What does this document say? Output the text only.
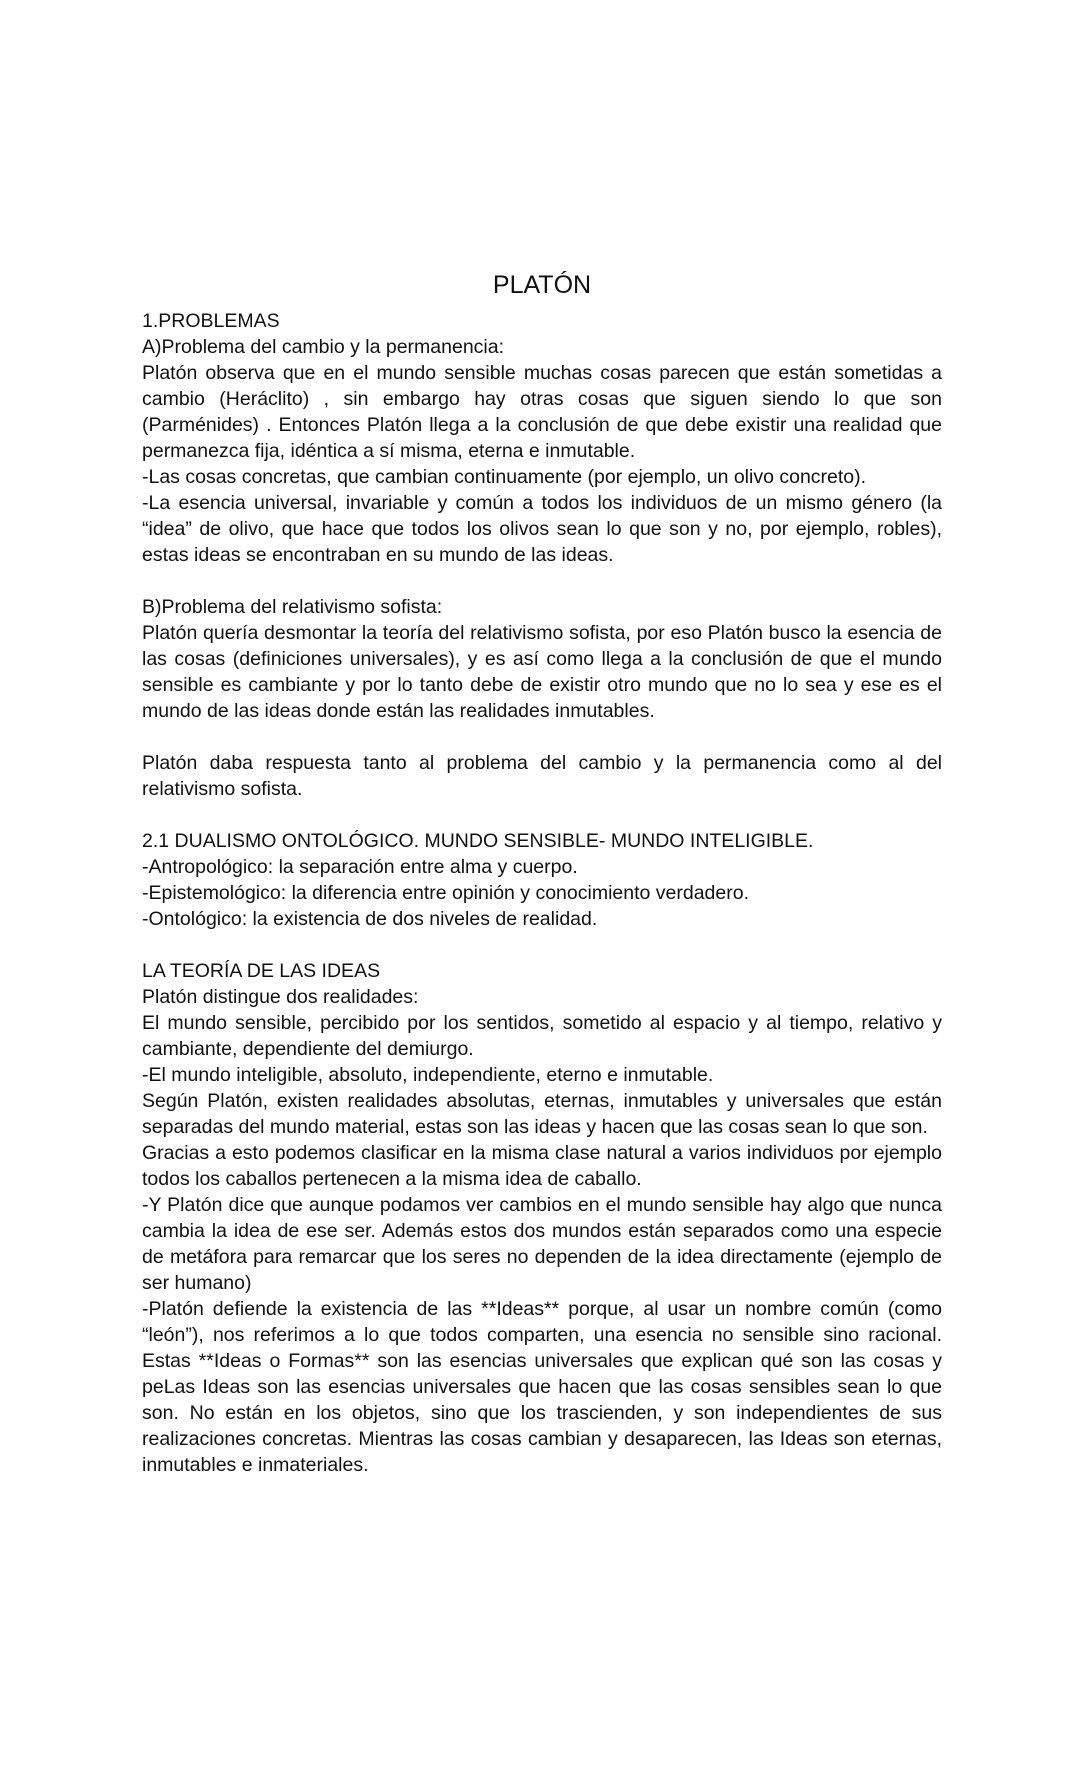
PLATÓN

1.PROBLEMAS

A)Problema del cambio y la permanencia:

Platón observa que en el mundo sensible muchas cosas parecen que están sometidas a cambio (Heráclito) , sin embargo hay otras cosas que siguen siendo lo que son (Parménides) . Entonces Platón llega a la conclusión de que debe existir una realidad que permanezca fija, idéntica a sí misma, eterna e inmutable.

-Las cosas concretas, que cambian continuamente (por ejemplo, un olivo concreto).

-La esencia universal, invariable y común a todos los individuos de un mismo género (la “idea” de olivo, que hace que todos los olivos sean lo que son y no, por ejemplo, robles), estas ideas se encontraban en su mundo de las ideas.

B)Problema del relativismo sofista:

Platón quería desmontar la teoría del relativismo sofista, por eso Platón busco la esencia de las cosas (definiciones universales), y es así como llega a la conclusión de que el mundo sensible es cambiante y por lo tanto debe de existir otro mundo que no lo sea y ese es el mundo de las ideas donde están las realidades inmutables.

Platón daba respuesta tanto al problema del cambio y la permanencia como al del relativismo sofista.

2.1 DUALISMO ONTOLÓGICO. MUNDO SENSIBLE- MUNDO INTELIGIBLE.

-Antropológico: la separación entre alma y cuerpo.

-Epistemológico: la diferencia entre opinión y conocimiento verdadero.

-Ontológico: la existencia de dos niveles de realidad.

LA TEORÍA DE LAS IDEAS

Platón distingue dos realidades:

El mundo sensible, percibido por los sentidos, sometido al espacio y al tiempo, relativo y cambiante, dependiente del demiurgo.

-El mundo inteligible, absoluto, independiente, eterno e inmutable.

Según Platón, existen realidades absolutas, eternas, inmutables y universales que están separadas del mundo material, estas son las ideas y hacen que las cosas sean lo que son.

Gracias a esto podemos clasificar en la misma clase natural a varios individuos por ejemplo todos los caballos pertenecen a la misma idea de caballo.

-Y Platón dice que aunque podamos ver cambios en el mundo sensible hay algo que nunca cambia la idea de ese ser. Además estos dos mundos están separados como una especie de metáfora para remarcar que los seres no dependen de la idea directamente (ejemplo de ser humano)

-Platón defiende la existencia de las **Ideas** porque, al usar un nombre común (como “león”), nos referimos a lo que todos comparten, una esencia no sensible sino racional. Estas **Ideas o Formas** son las esencias universales que explican qué son las cosas y peLas Ideas son las esencias universales que hacen que las cosas sensibles sean lo que son. No están en los objetos, sino que los trascienden, y son independientes de sus realizaciones concretas. Mientras las cosas cambian y desaparecen, las Ideas son eternas, inmutables e inmateriales.
